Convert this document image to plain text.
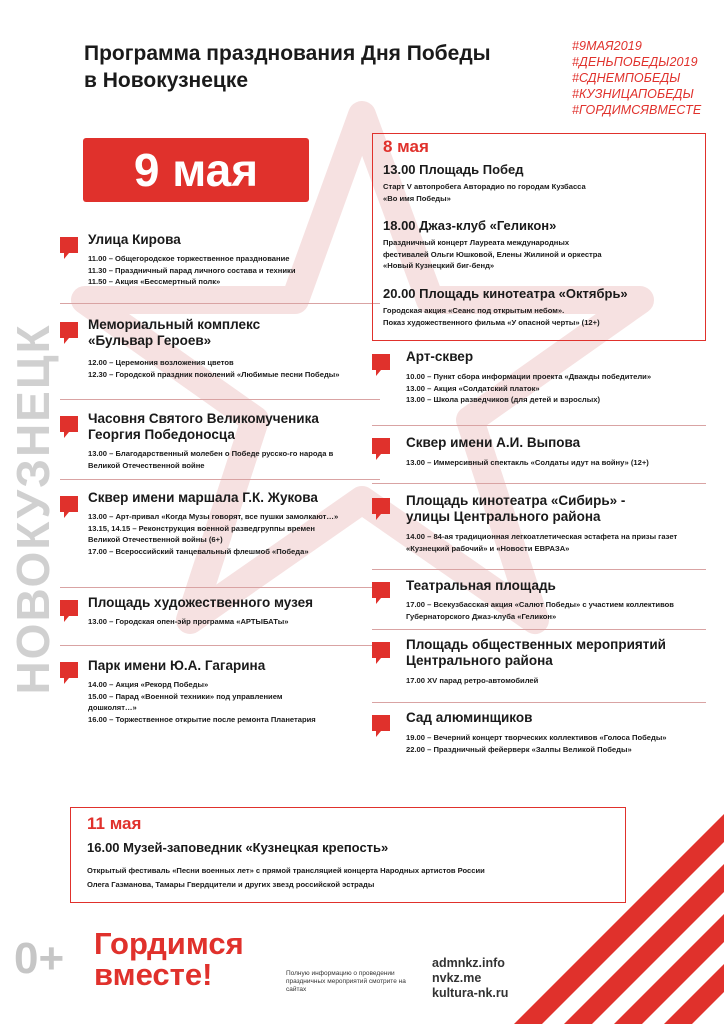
Программа празднования Дня Победы
в Новокузнецке
#9МАЯ2019
#ДЕНЬПОБЕДЫ2019
#СДНЕМПОБЕДЫ
#КУЗНИЦАПОБЕДЫ
#ГОРДИМСЯВМЕСТЕ
НОВОКУЗНЕЦК
9 мая
Улица Кирова
11.00 – Общегородское торжественное празднование
11.30 – Праздничный парад личного состава и техники
11.50 – Акция «Бессмертный полк»
Мемориальный комплекс «Бульвар Героев»
12.00 – Церемония возложения цветов
12.30 – Городской праздник поколений «Любимые песни Победы»
Часовня Святого Великомученика Георгия Победоносца
13.00 – Благодарственный молебен о Победе русско-го народа в Великой Отечественной войне
Сквер имени маршала Г.К. Жукова
13.00 – Арт-привал «Когда Музы говорят, все пушки замолкают…»
13.15, 14.15 – Реконструкция военной разведгруппы времен Великой Отечественной войны (6+)
17.00 – Всероссийский танцевальный флешмоб «Победа»
Площадь художественного музея
13.00 – Городская опен-эйр программа «АРТЫБАТы»
Парк имени Ю.А. Гагарина
14.00 – Акция «Рекорд Победы»
15.00 – Парад «Военной техники» под управлением дошколят…»
16.00 – Торжественное открытие после ремонта Планетария
8 мая
13.00 Площадь Побед
Старт V автопробега Авторадио по городам Кузбасса
«Во имя Победы»
18.00 Джаз-клуб «Геликон»
Праздничный концерт Лауреата международных
фестивалей Ольги Юшковой, Елены Жилиной и оркестра
«Новый Кузнецкий биг-бенд»
20.00 Площадь кинотеатра «Октябрь»
Городская акция «Сеанс под открытым небом».
Показ художественного фильма «У опасной черты» (12+)
Арт-сквер
10.00 – Пункт сбора информации проекта «Дважды победители»
13.00 – Акция «Солдатский платок»
13.00 – Школа разведчиков (для детей и взрослых)
Сквер имени А.И. Выпова
13.00 – Иммерсивный спектакль «Солдаты идут на войну» (12+)
Площадь кинотеатра «Сибирь» - улицы Центрального района
14.00 – 84-ая традиционная легкоатлетическая эстафета на призы газет «Кузнецкий рабочий» и «Новости ЕВРАЗА»
Театральная площадь
17.00 – Всекузбасская акция «Салют Победы» с участием коллективов Губернаторского Джаз-клуба «Геликон»
Площадь общественных мероприятий Центрального района
17.00 XV парад ретро-автомобилей
Сад алюминщиков
19.00 – Вечерний концерт творческих коллективов «Голоса Победы»
22.00 – Праздничный фейерверк «Залпы Великой Победы»
11 мая
16.00 Музей-заповедник «Кузнецкая крепость»
Открытый фестиваль «Песни военных лет» с прямой трансляцией концерта Народных артистов России
Олега Газманова, Тамары Гвердцители и других звезд российской эстрады
0+ Гордимся
вместе!	Полную информацию о проведении праздничных мероприятий смотрите на сайтах
admnkz.info
nvkz.me
kultura-nk.ru
